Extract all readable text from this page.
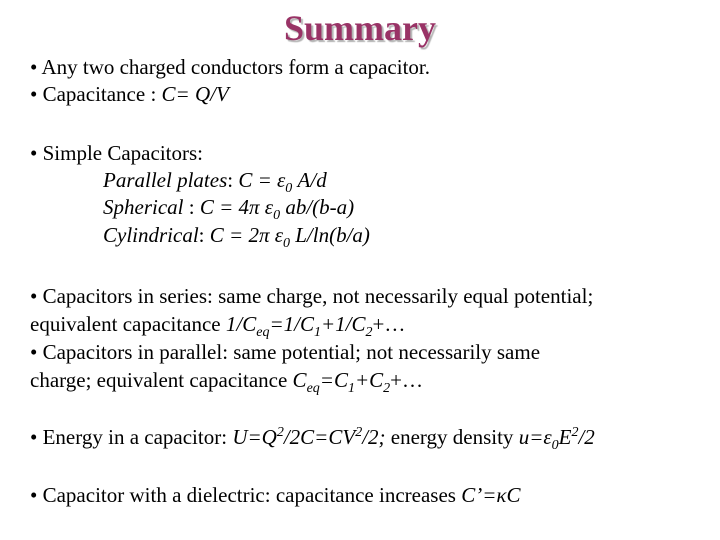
Summary
• Any two charged conductors form a capacitor.
• Capacitance : C= Q/V
• Simple Capacitors:
Parallel plates: $C = \varepsilon_0$ A/d
Spherical : C = 4π $\varepsilon_0$ ab/(b-a)
Cylindrical: C = 2π $\varepsilon_0$ L/ln(b/a)
• Capacitors in series: same charge, not necessarily equal potential;
equivalent capacitance $1/C_{eq}=1/C_1+1/C_2+\dots$
• Capacitors in parallel: same potential; not necessarily same
charge; equivalent capacitance $C_{eq}=C_1+C_2+\dots$
• Energy in a capacitor: $U=Q^2/2C=CV^2/2$; energy density $u=\varepsilon_0E^2/2$
• Capacitor with a dielectric: capacitance increases C’=κC
